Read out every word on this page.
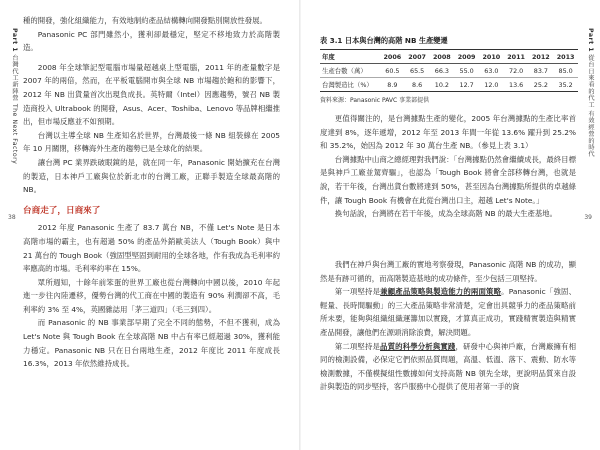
Part 1 台灣代工新陣營 The Next Factory
38

種的開發，強化組織能力，有效地制約產品結構轉向開發點別開放性發展。

Panasonic PC 部門雖然小，獲利卻最穩定，堅定不移地致力於高階製造。

2008 年全球筆記型電腦市場量超越桌上型電腦，2011 年的產量數字是 2007 年的兩倍，然而，在平板電腦開市與全球 NB 市場趨於飽和的影響下，2012 年 NB 出貨量首次出現負成長。英特爾（Intel）因應趨勢，號召 NB 製造商投入 Ultrabook 的開發，Asus、Acer、Toshiba、Lenovo 等品牌相繼推出，但市場反應並不如預期。

台灣以主導全球 NB 生產知名於世界，台灣最後一條 NB 組裝線在 2005 年 10 月關閉，移轉海外生產的趨勢已是全球化的結果。

讓台灣 PC 業界跌破眼鏡的是，就在同一年，Panasonic 開始擴充在台灣的製造，日本神戶工廠與位於新北市的台灣工廠，正聯手製造全球最高階的 NB。

台商走了，日商來了

2012 年度 Panasonic 生產了 83.7 萬台 NB，不僅 Let's Note 是日本高階市場的霸主，也有超過 50% 的產品外銷歐美法人（Tough Book）與中 21 萬台的 Tough Book（強固型堅固到耐用的全球各地，作有我成為毛利率約率應高的市場。毛利率約率在 15%。

眾所週知，十餘年前笨蛋的世界工廠也從台灣轉向中國以後，2010 年起進一步往內陸遷移，優勢台灣的代工商在中國的製造有 90% 利潤卻不高，毛利率約 3% 至 4%，英國雜誌用「茅三道四」（毛三到四）。

而 Panasonic 的 NB 事業部早期了完全不同的態勢，不但不獲利，成為 Let's Note 與 Tough Book 在全球高階 NB 中占有率已經超過 30%，獲利能力穩定。Panasonic NB 只在日台兩地生產，2012 年度比 2011 年度成長 16.3%，2013 年依然維持成長。

Part 1 從台日來看的代工 有效經營的時代
39
表 3.1 日本與台灣的高階 NB 生產變遷
年度	2006	2007	2008	2009	2010	2011	2012	2013
生產台數（萬）	60.5	65.5	66.3	55.0	63.0	72.0	83.7	85.0
台灣製造比（%）	8.9	8.6	10.2	12.7	12.0	13.6	25.2	35.2
資料來源：Panasonic PAVC 事業部提供

更值得關注的，是台灣據點生產的變化，2005 年台灣據點的生產比率首度達到 8%，逐年遞增，2012 年至 2013 年間一年從 13.6% 躍升到 25.2% 和 35.2%，始因為 2012 年 30 萬台生產 NB。（參見上表 3.1）

台灣據點中山商之總經理對我們說：「台灣據點仍然會繼續成長，最終目標是與神戶工廠並駕齊驅」，也認為「Tough Book 將會全部移轉台灣，也就是說，若干年後，台灣出貨台數將達到 50%，甚至因為台灣據點所提供的卓越條件，讓 Tough Book 有機會在此從台灣出口主，超越 Let's Note。」

換句話說，台灣將在若干年後，成為全球高階 NB 的最大生產基地。

我們在神戶與台灣工廠的實地考察發現，Panasonic 高階 NB 的成功，顯然是有跡可循的，而高階製造基地的成功條件，至少包括三項堅持。

第一項堅持是兼顧產品策略與製造能力的兩面策略。Panasonic「強固、輕量、長時間驅動」的三大產品策略非常清楚，定會出具競爭力的產品策略前所未要，能夠與組織組織運籌加以實踐，才算真正成功，實踐精實製造與精實產品開發，讓他們在源頭消除浪費，解決問題。

第二項堅持是品質的科學分析與實踐，研發中心與神戶廠，台灣廠擁有相同的檢測設備，必保定它們依照品質問題，高溫、低溫、落下、震動、防水等檢測數據，不僅模擬組性數據如何支持高階 NB 領先全球，更說明品質來自設計與製造的同步堅持，客戶服務中心提供了使用者第一手的資
